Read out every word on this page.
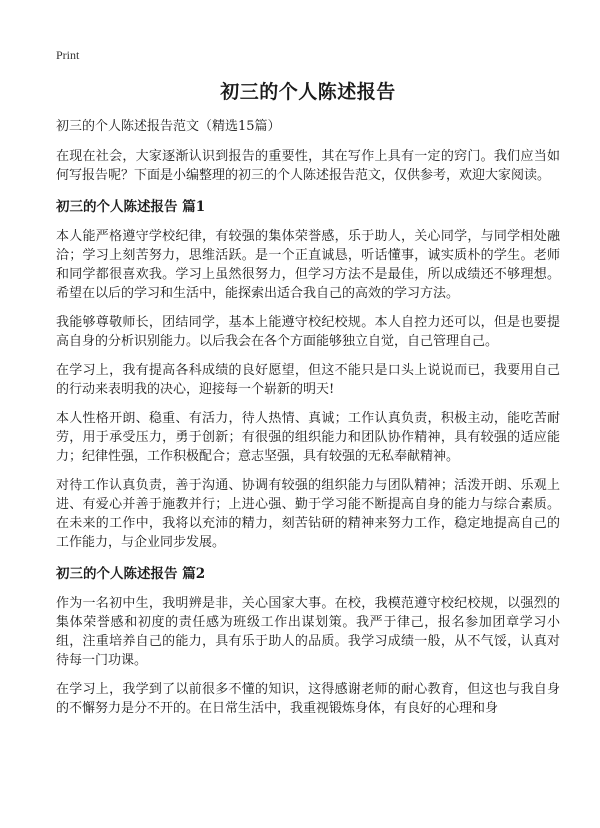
Print
初三的个人陈述报告
初三的个人陈述报告范文（精选15篇）

在现在社会，大家逐渐认识到报告的重要性，其在写作上具有一定的窍门。我们应当如何写报告呢？下面是小编整理的初三的个人陈述报告范文，仅供参考，欢迎大家阅读。

初三的个人陈述报告 篇1

本人能严格遵守学校纪律，有较强的集体荣誉感，乐于助人，关心同学，与同学相处融洽；学习上刻苦努力，思维活跃。是一个正直诚恳，听话懂事，诚实质朴的学生。老师和同学都很喜欢我。学习上虽然很努力，但学习方法不是最佳，所以成绩还不够理想。希望在以后的学习和生活中，能探索出适合我自己的高效的学习方法。

我能够尊敬师长，团结同学，基本上能遵守校纪校规。本人自控力还可以，但是也要提高自身的分析识别能力。以后我会在各个方面能够独立自觉，自己管理自己。

在学习上，我有提高各科成绩的良好愿望，但这不能只是口头上说说而已，我要用自己的行动来表明我的决心，迎接每一个崭新的明天!

本人性格开朗、稳重、有活力，待人热情、真诚；工作认真负责，积极主动，能吃苦耐劳，用于承受压力，勇于创新；有很强的组织能力和团队协作精神，具有较强的适应能力；纪律性强，工作积极配合；意志坚强，具有较强的无私奉献精神。

对待工作认真负责，善于沟通、协调有较强的组织能力与团队精神；活泼开朗、乐观上进、有爱心并善于施教并行；上进心强、勤于学习能不断提高自身的能力与综合素质。在未来的工作中，我将以充沛的精力，刻苦钻研的精神来努力工作，稳定地提高自己的工作能力，与企业同步发展。

初三的个人陈述报告 篇2

作为一名初中生，我明辨是非，关心国家大事。在校，我模范遵守校纪校规，以强烈的集体荣誉感和初度的责任感为班级工作出谋划策。我严于律己，报名参加团章学习小组，注重培养自己的能力，具有乐于助人的品质。我学习成绩一般，从不气馁，认真对待每一门功课。

在学习上，我学到了以前很多不懂的知识，这得感谢老师的耐心教育，但这也与我自身的不懈努力是分不开的。在日常生活中，我重视锻炼身体，有良好的心理和身
